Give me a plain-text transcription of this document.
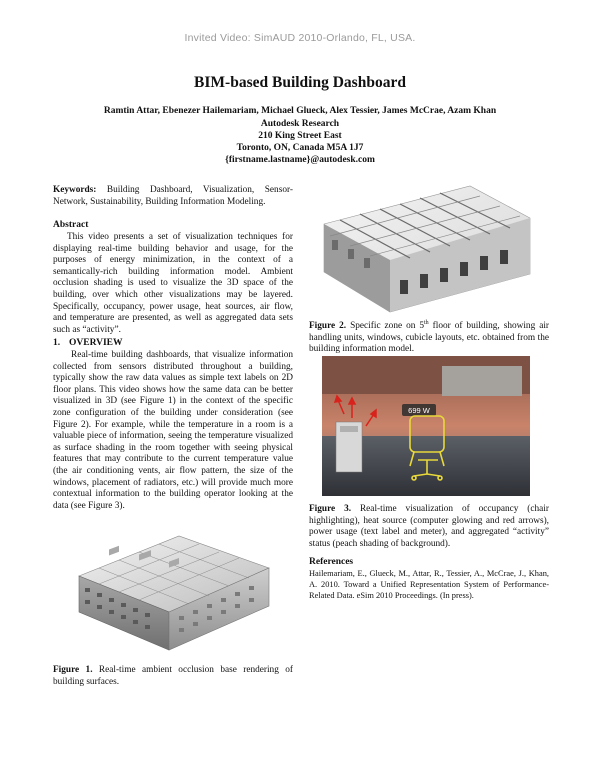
Invited Video: SimAUD 2010-Orlando, FL, USA.
BIM-based Building Dashboard
Ramtin Attar, Ebenezer Hailemariam, Michael Glueck, Alex Tessier, James McCrae, Azam Khan
Autodesk Research
210 King Street East
Toronto, ON, Canada M5A 1J7
{firstname.lastname}@autodesk.com
Keywords: Building Dashboard, Visualization, Sensor-Network, Sustainability, Building Information Modeling.
Abstract
This video presents a set of visualization techniques for displaying real-time building behavior and usage, for the purposes of energy minimization, in the context of a semantically-rich building information model. Ambient occlusion shading is used to visualize the 3D space of the building, over which other visualizations may be layered. Specifically, occupancy, power usage, heat sources, air flow, and temperature are presented, as well as aggregated data sets such as “activity”.
1. OVERVIEW
Real-time building dashboards, that visualize information collected from sensors distributed throughout a building, typically show the raw data values as simple text labels on 2D floor plans. This video shows how the same data can be better visualized in 3D (see Figure 1) in the context of the specific zone configuration of the building under consideration (see Figure 2). For example, while the temperature in a room is a valuable piece of information, seeing the temperature visualized as surface shading in the room together with seeing physical features that may contribute to the current temperature value (the air conditioning vents, air flow pattern, the size of the windows, placement of radiators, etc.) will provide much more contextual information to the building operator looking at the data (see Figure 3).
Figure 1. Real-time ambient occlusion base rendering of building surfaces.
Figure 2. Specific zone on 5th floor of building, showing air handling units, windows, cubicle layouts, etc. obtained from the building information model.
699 W
Figure 3. Real-time visualization of occupancy (chair highlighting), heat source (computer glowing and red arrows), power usage (text label and meter), and aggregated “activity” status (peach shading of background).
References
Hailemariam, E., Glueck, M., Attar, R., Tessier, A., McCrae, J., Khan, A. 2010. Toward a Unified Representation System of Performance-Related Data. eSim 2010 Proceedings. (In press).
